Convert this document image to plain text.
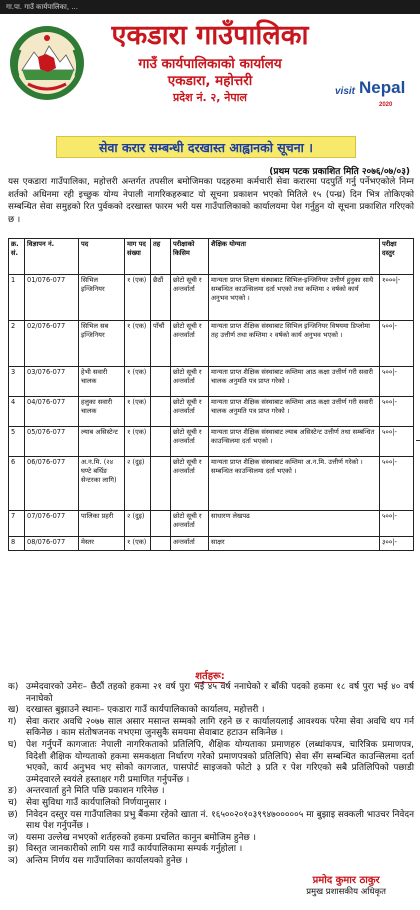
गा.पा. गाउँ कार्यपालिका, ...
एकडारा गाउँपालिका
गाउँ कार्यपालिकाको कार्यालय
एकडारा, महोत्तरी
प्रदेश नं. २, नेपाल	visit Nepal
2020
सेवा करार सम्बन्धी दरखास्त आह्वानको सूचना ।
(प्रथम पटक प्रकाशित मिति २०७६/०७/०३)

यस एकडारा गाउँपालिका, महोत्तरी अन्तर्गत तपसील बमोजिमका पदहरुमा कर्मचारी सेवा करारमा पदपुर्ति गर्नु पर्नेभएकोले निम्न शर्तको अधिनमा रही इच्छुक योग्य नेपाली नागरिकहरुबाट यो सूचना प्रकाशन भएको मितिले १५ (पन्ध्र) दिन भित्र तोकिएको सम्बन्धित सेवा समुहको रित पुर्वकको दरखास्त फारम भरी यस गाउँपालिकाको कार्यालयमा पेश गर्नुहुन यो सूचना प्रकाशित गरिएको छ ।

क्र. सं.	विज्ञापन नं.	पद	माग पद संख्या	तह	परीक्षाको किसिम	शैक्षिक योग्यता	परीक्षा दस्तुर
1	01/076-077	सिभिल इन्जिनियर	१ (एक)	छैठौं	छोटो सूची र अन्तर्वार्ता	मान्यता प्राप्त शिक्षण संस्थाबाट सिभिल-इन्जिनियर उत्तीर्ण हुनुका साथै सम्बन्धित काउन्सिलमा दर्ता भएको तथा कम्तिमा २ वर्षको कार्य अनुभव भएको ।	१०००|-
2	02/076-077	सिभिल सब इन्जिनियर	१ (एक)	पाँचौं	छोटो सूची र अन्तर्वार्ता	मान्यता प्राप्त शैक्षिक संस्थाबाट सिभिल इन्जिनियर विषयमा डिप्लोमा तह उत्तीर्ण तथा कम्तिमा २ वर्षको कार्य अनुभव भएको ।	५००|-
3	03/076-077	हेभी सवारी चालक	१ (एक)		छोटो सूची र अन्तर्वार्ता	मान्यता प्राप्त शैक्षिक संस्थाबाट कम्तिमा आठ कक्षा उत्तीर्ण गरी सवारी चालक अनुमति पत्र प्राप्त गरेको ।	५००|-
4	04/076-077	हलुका सवारी चालक	१ (एक)		छोटो सूची र अन्तर्वार्ता	मान्यता प्राप्त शैक्षिक संस्थाबाट कम्तिमा आठ कक्षा उत्तीर्ण गरी सवारी चालक अनुमति पत्र प्राप्त गरेको ।	५००|-
5	05/076-077	ल्याब असिस्टेन्ट	१ (एक)		छोटो सूची र अन्तर्वार्ता	मान्यता प्राप्त शैक्षिक संस्थाबाट ल्याब असिस्टेन्ट उत्तीर्ण तथा सम्बन्धित काउन्सिलमा दर्ता भएको ।	५००|-
6	06/076-077	अ.न.मि. (२४ घण्टे बर्थिङ सेन्टरका लागि)	२ (दुइ)		छोटो सूची र अन्तर्वार्ता	मान्यता प्राप्त शैक्षिक संस्थाबाट कम्तिमा अ.न.मि. उत्तीर्ण गरेको । सम्बन्धित काउन्सिलमा दर्ता भएको ।	५००|-
7	07/076-077	पालिका प्रहरी	२ (दुइ)		छोटो सूची र अन्तर्वार्ता	साधारण लेखपढ	५००|-
8	08/076-077	मेस्तर	१ (एक)		अन्तर्वार्ता	साक्षर	३००|-
शर्तहरू:
क) उम्मेदवारको उमेरः– छैठौं तहको हकमा २१ वर्ष पुरा भई ४५ वर्ष ननाघेको र बाँकी पदको हकमा १८ वर्ष पुरा भई ४० वर्ष ननाघेको
ख) दरखास्त बुझाउने स्थानः– एकडारा गाउँ कार्यपालिकाको कार्यालय, महोत्तरी ।
ग) सेवा करार अवधि २०७७ साल असार मसान्त सम्मको लागि रहने छ र कार्यालयलाई आवश्यक परेमा सेवा अवधि थप गर्न सकिनेछ । काम संतोषजनक नभएमा जुनसुकै समयमा सेवाबाट हटाउन सकिनेछ ।
घ) पेश गर्नुपर्ने कागजातः नेपाली नागरिकताको प्रतिलिपि, शैक्षिक योग्यताका प्रमाणहरु (लब्धांकपत्र, चारित्रिक प्रमाणपत्र, विदेशी शैक्षिक योग्यताको हकमा समकक्षता निर्धारण गरेको प्रमाणपत्रको प्रतिलिपि) सेवा सँग सम्बन्धित काउन्सिलमा दर्ता भएको, कार्य अनुभव भए सोको कागजात, पासपोर्ट साइजको फोटो ३ प्रति र पेश गरिएको सबै प्रतिलिपिको पछाडी उम्मेदवारले स्वयंले हस्ताक्षर गरी प्रमाणित गर्नुपर्नेछ ।
ङ) अन्तरवार्ता हुने मिति पछि प्रकाशन गरिनेछ ।
च) सेवा सुविधा गाउँ कार्यपालिको निर्णयानुसार ।
छ) निवेदन दस्तुर यस गाउँपालिका प्रभु बैंकमा रहेको खाता नं. १६५००२०१०३९९४७०००००५ मा बुझाइ सक्कली भाउचर निवेदन साथ पेश गर्नुपर्नेछ ।
ज) यसमा उल्लेख नभएको शर्तहरुको हकमा प्रचलित कानुन बमोजिम हुनेछ ।
झ) विस्तृत जानकारीको लागि यस गाउँ कार्यपालिकामा सम्पर्क गर्नुहोला ।
ञ) अन्तिम निर्णय यस गाउँपालिका कार्यालयको हुनेछ ।
प्रमोद कुमार ठाकुर
प्रमुख प्रशासकीय अधिकृत
